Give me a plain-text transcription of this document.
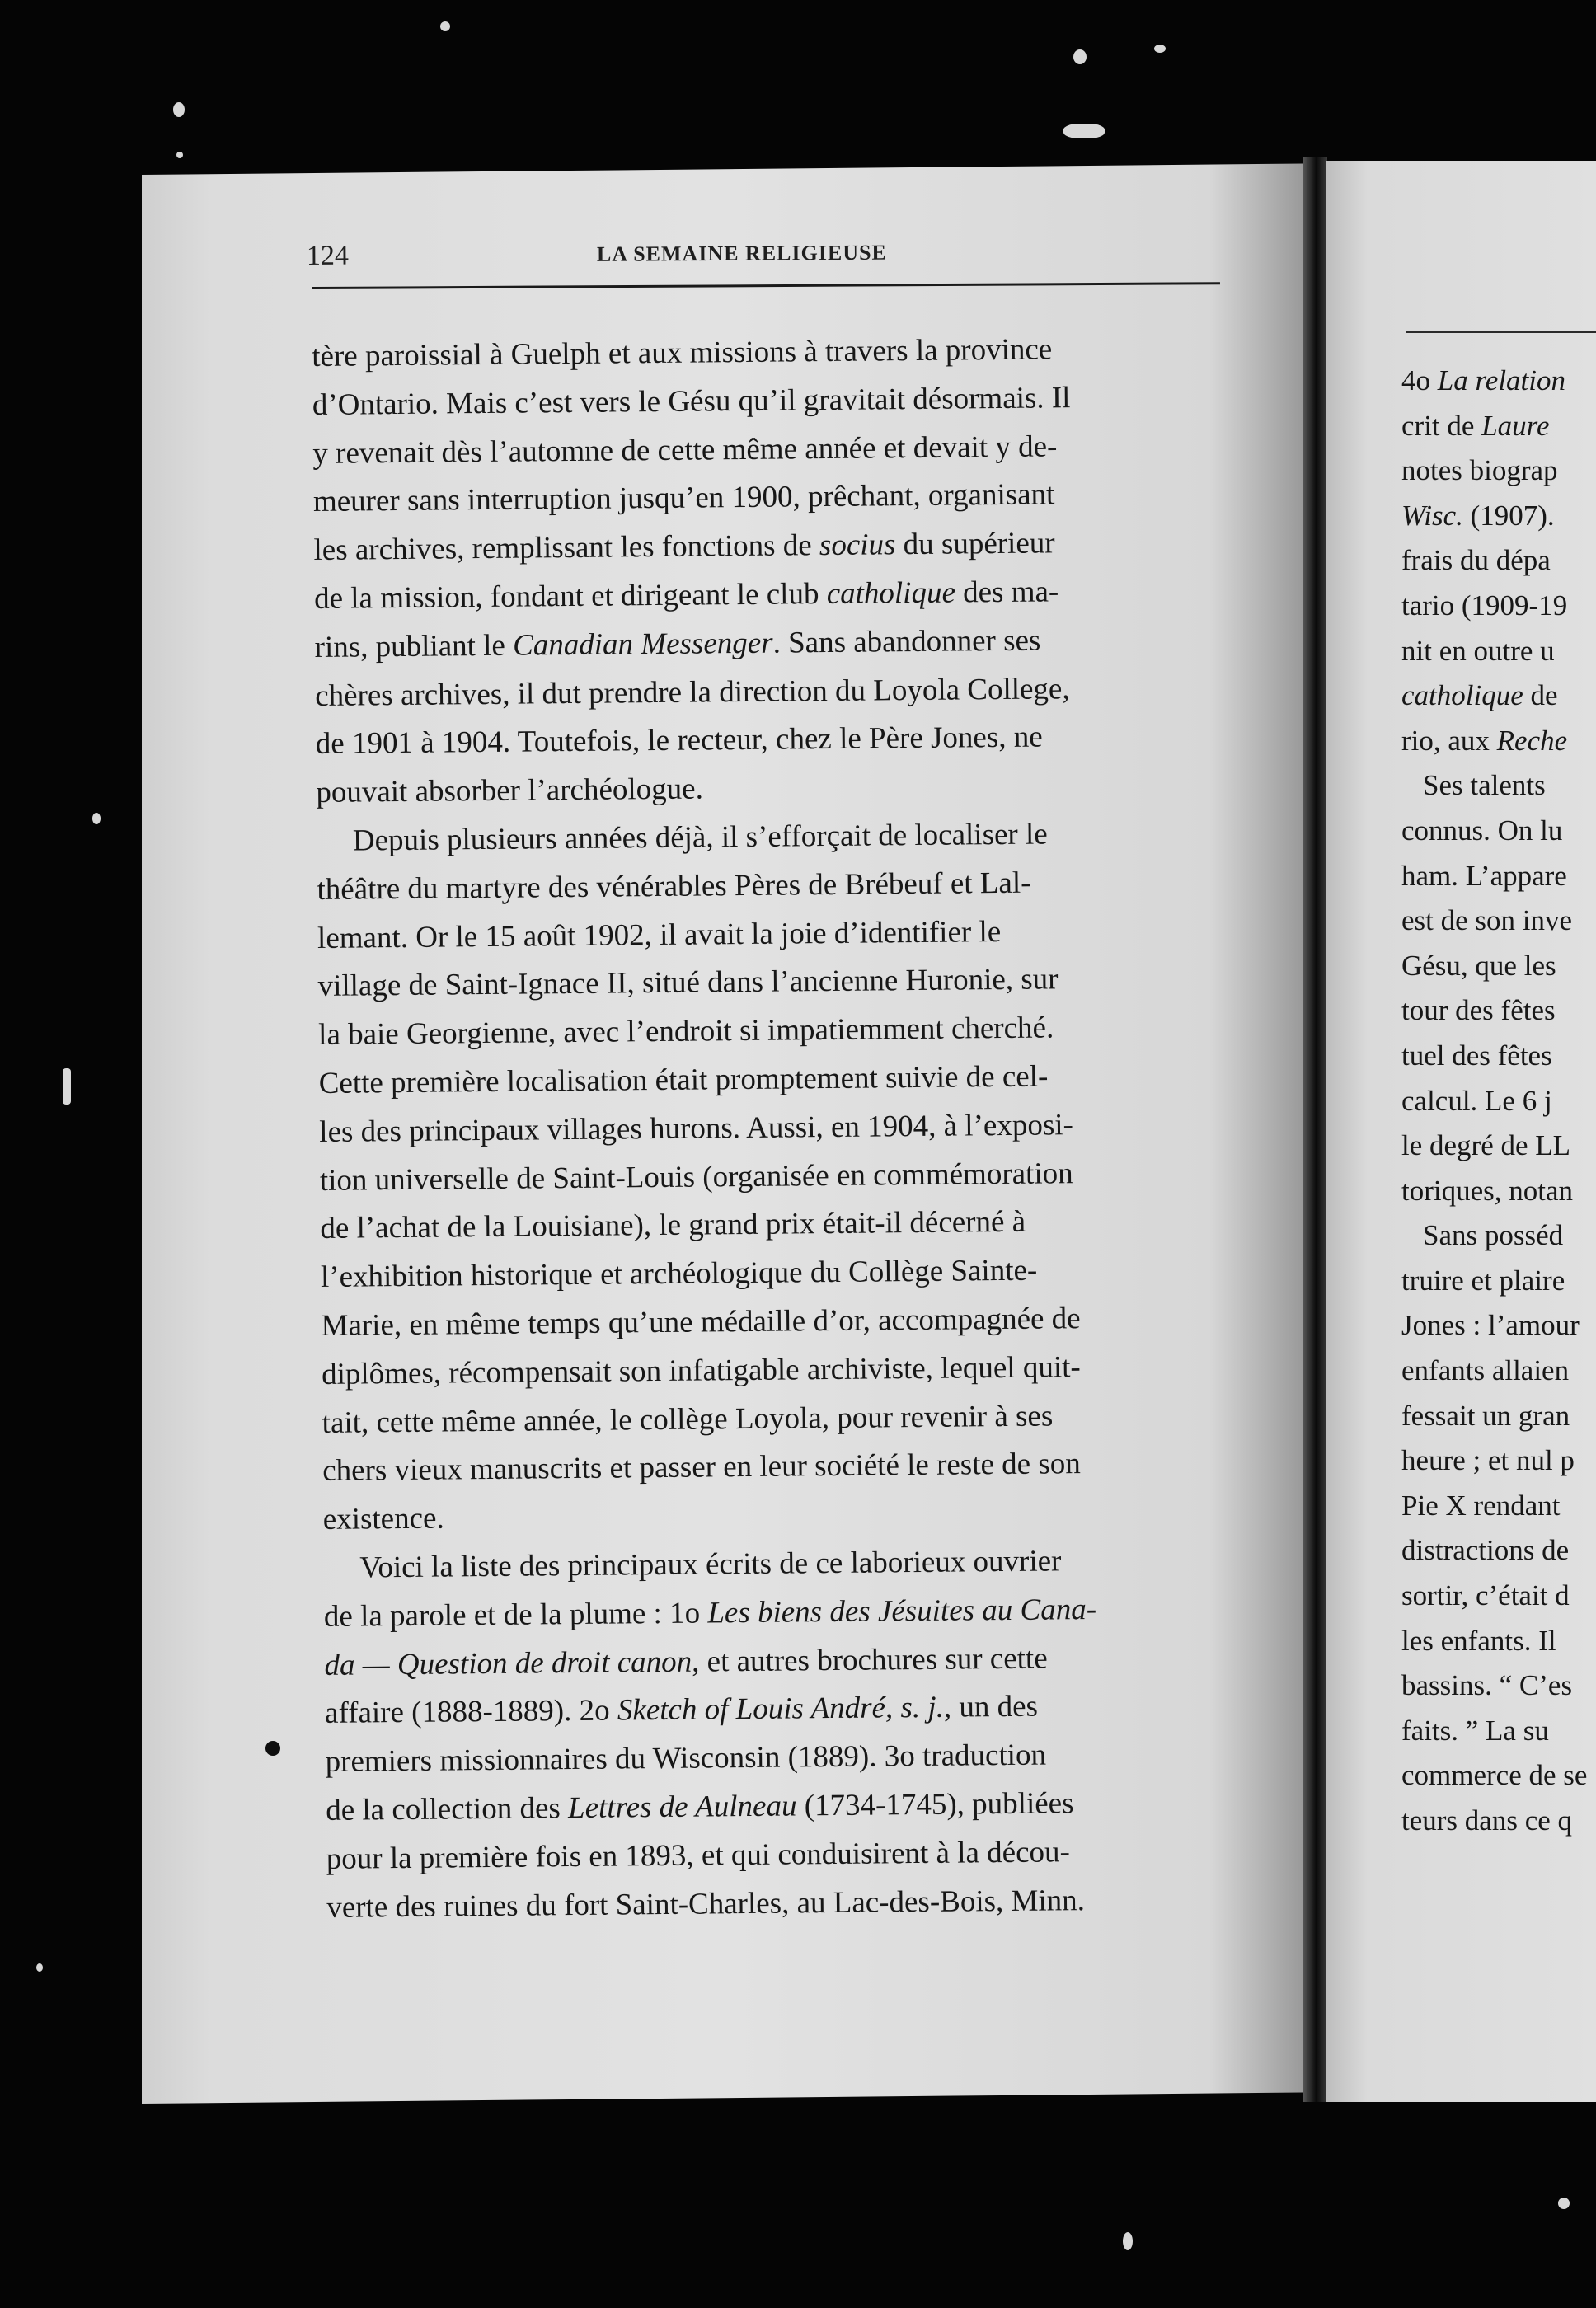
4o La relation
crit de Laure
notes biograp
Wisc. (1907).
frais du dépa
tario (1909-19
nit en outre u
catholique de
rio, aux Reche
Ses talents
connus. On lu
ham. L’appare
est de son inve
Gésu, que les
tour des fêtes
tuel des fêtes
calcul. Le 6 j
le degré de LL
toriques, notan
Sans posséd
truire et plaire
Jones : l’amour
enfants allaien
fessait un gran
heure ; et nul p
Pie X rendant
distractions de
sortir, c’était d
les enfants. Il
bassins. “ C’es
faits. ” La su
commerce de se
teurs dans ce q
124	LA SEMAINE RELIGIEUSE
tère paroissial à Guelph et aux missions à travers la province
d’Ontario. Mais c’est vers le Gésu qu’il gravitait désormais. Il
y revenait dès l’automne de cette même année et devait y de-
meurer sans interruption jusqu’en 1900, prêchant, organisant
les archives, remplissant les fonctions de socius du supérieur
de la mission, fondant et dirigeant le club catholique des ma-
rins, publiant le Canadian Messenger. Sans abandonner ses
chères archives, il dut prendre la direction du Loyola College,
de 1901 à 1904. Toutefois, le recteur, chez le Père Jones, ne
pouvait absorber l’archéologue.
Depuis plusieurs années déjà, il s’efforçait de localiser le
théâtre du martyre des vénérables Pères de Brébeuf et Lal-
lemant. Or le 15 août 1902, il avait la joie d’identifier le
village de Saint-Ignace II, situé dans l’ancienne Huronie, sur
la baie Georgienne, avec l’endroit si impatiemment cherché.
Cette première localisation était promptement suivie de cel-
les des principaux villages hurons. Aussi, en 1904, à l’exposi-
tion universelle de Saint-Louis (organisée en commémoration
de l’achat de la Louisiane), le grand prix était-il décerné à
l’exhibition historique et archéologique du Collège Sainte-
Marie, en même temps qu’une médaille d’or, accompagnée de
diplômes, récompensait son infatigable archiviste, lequel quit-
tait, cette même année, le collège Loyola, pour revenir à ses
chers vieux manuscrits et passer en leur société le reste de son
existence.
Voici la liste des principaux écrits de ce laborieux ouvrier
de la parole et de la plume : 1o Les biens des Jésuites au Cana-
da — Question de droit canon, et autres brochures sur cette
affaire (1888-1889). 2o Sketch of Louis André, s. j., un des
premiers missionnaires du Wisconsin (1889). 3o traduction
de la collection des Lettres de Aulneau (1734-1745), publiées
pour la première fois en 1893, et qui conduisirent à la décou-
verte des ruines du fort Saint-Charles, au Lac-des-Bois, Minn.
